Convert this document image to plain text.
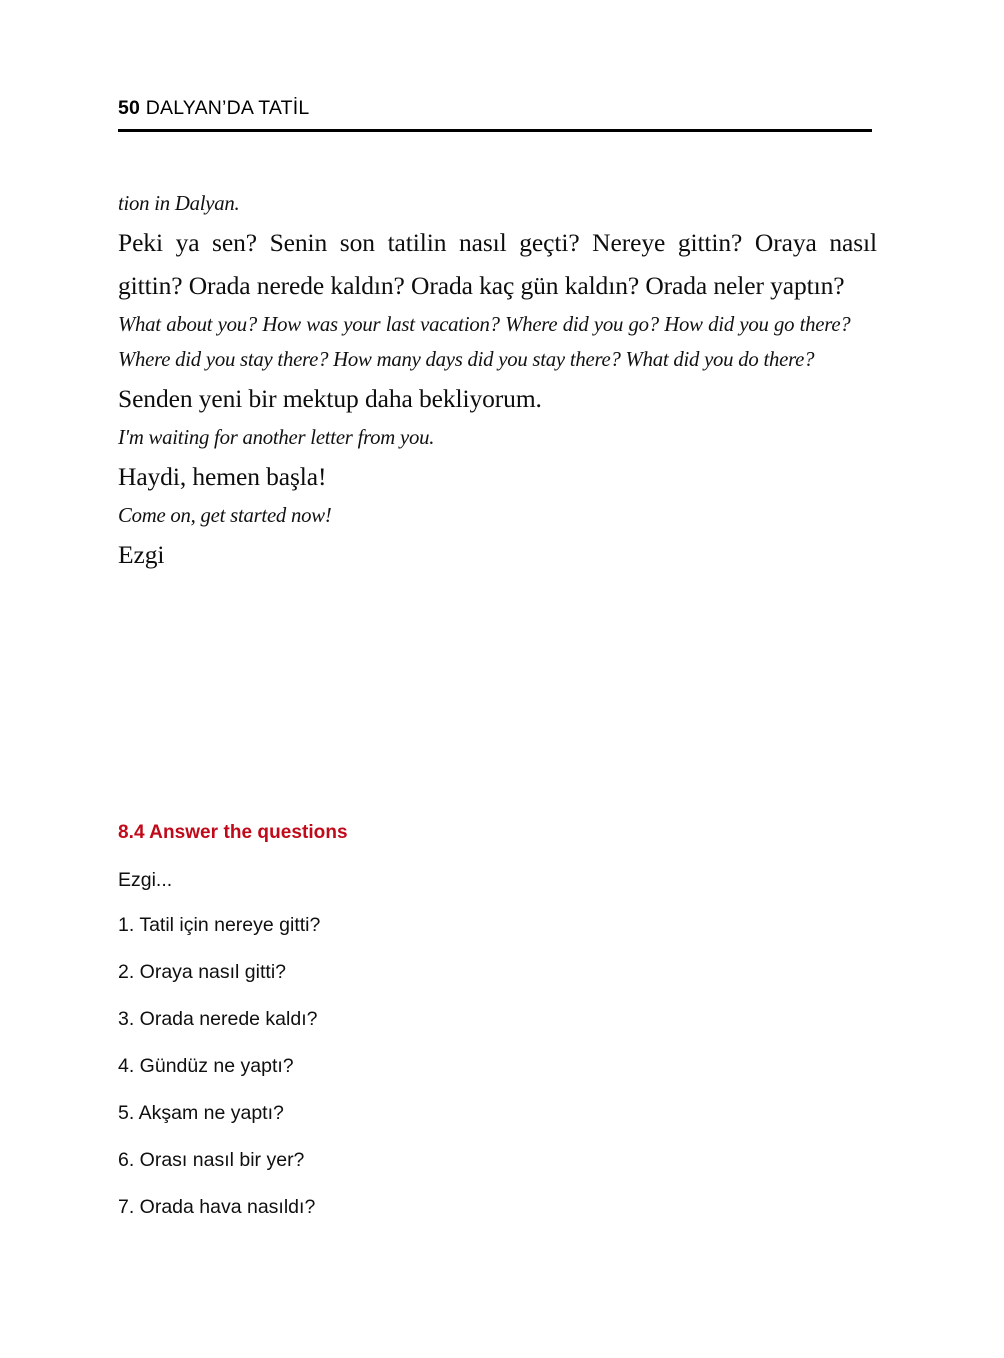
50 DALYAN’DA TATİL

tion in Dalyan.

Peki ya sen? Senin son tatilin nasıl geçti? Nereye gittin? Oraya nasıl gittin? Orada nerede kaldın? Orada kaç gün kaldın? Orada neler yaptın?

What about you? How was your last vacation? Where did you go? How did you go there? Where did you stay there? How many days did you stay there? What did you do there?

Senden yeni bir mektup daha bekliyorum.

I'm waiting for another letter from you.

Haydi, hemen başla!

Come on, get started now!

Ezgi

8.4 Answer the questions

Ezgi...

1. Tatil için nereye gitti?
2. Oraya nasıl gitti?
3. Orada nerede kaldı?
4. Gündüz ne yaptı?
5. Akşam ne yaptı?
6. Orası nasıl bir yer?
7. Orada hava nasıldı?
